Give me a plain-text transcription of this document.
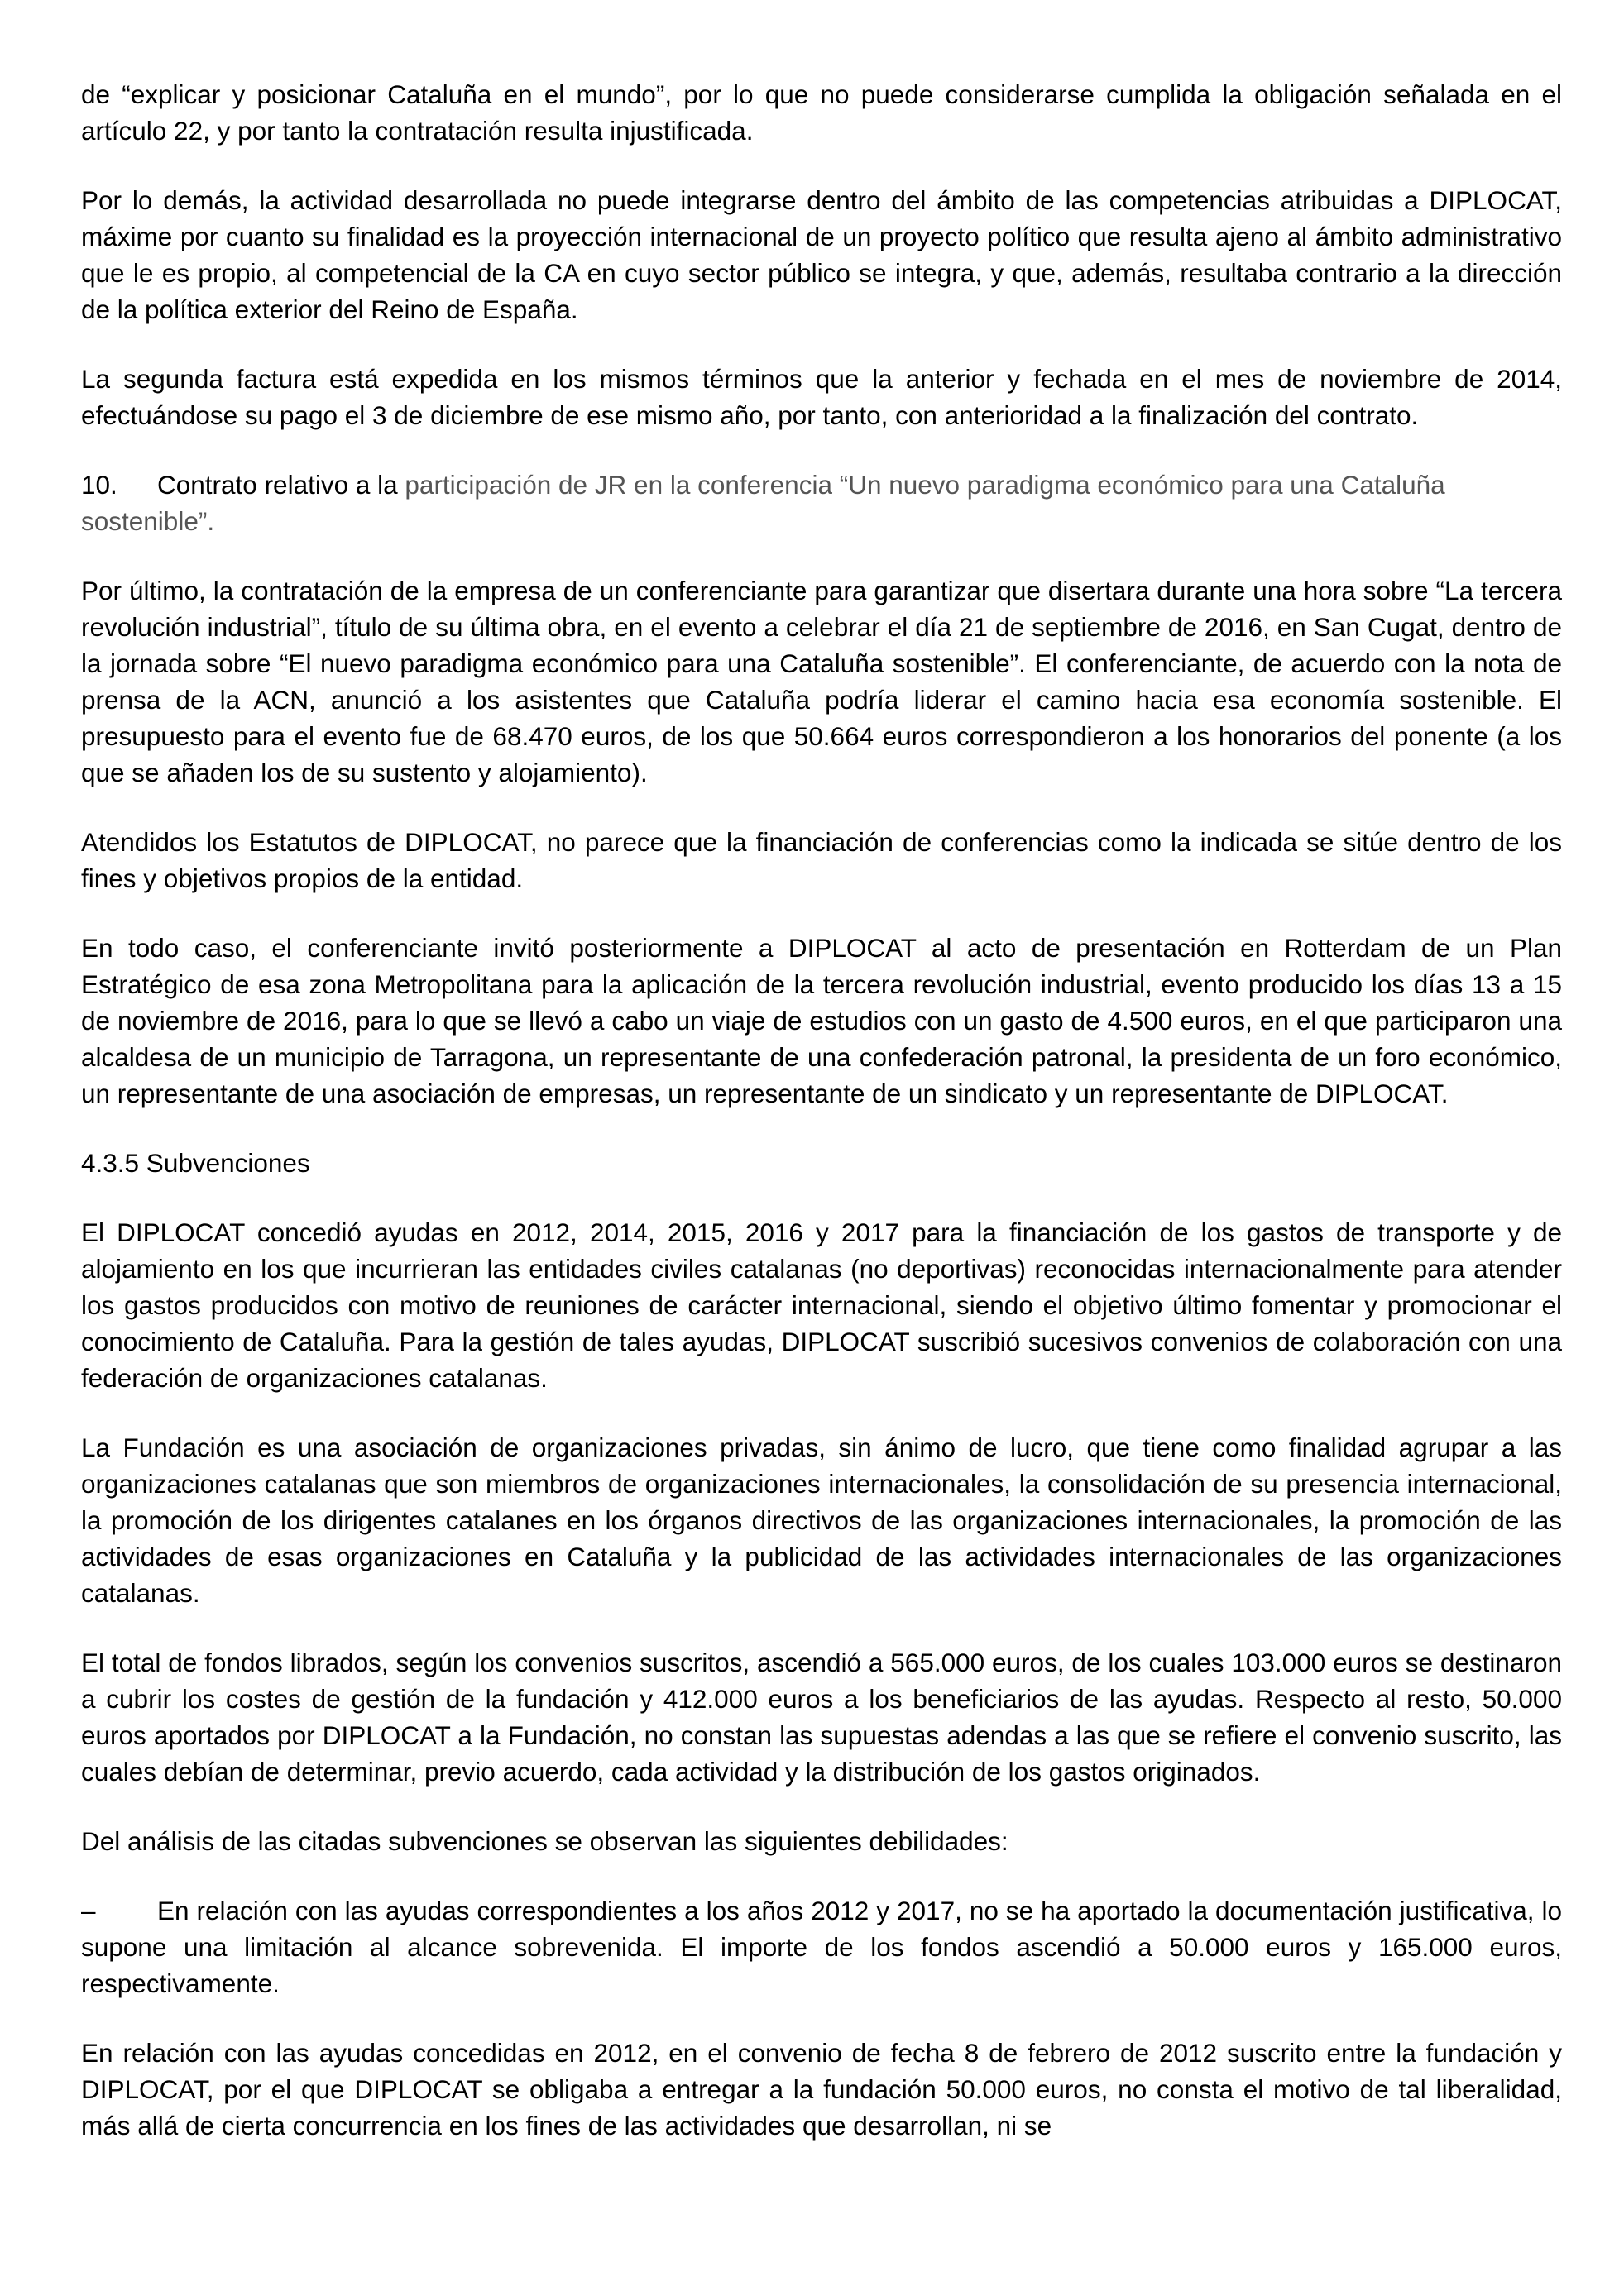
de “explicar y posicionar Cataluña en el mundo”, por lo que no puede considerarse cumplida la obligación señalada en el artículo 22, y por tanto la contratación resulta injustificada.

Por lo demás, la actividad desarrollada no puede integrarse dentro del ámbito de las competencias atribuidas a DIPLOCAT, máxime por cuanto su finalidad es la proyección internacional de un proyecto político que resulta ajeno al ámbito administrativo que le es propio, al competencial de la CA en cuyo sector público se integra, y que, además, resultaba contrario a la dirección de la política exterior del Reino de España.

La segunda factura está expedida en los mismos términos que la anterior y fechada en el mes de noviembre de 2014, efectuándose su pago el 3 de diciembre de ese mismo año, por tanto, con anterioridad a la finalización del contrato.

10. Contrato relativo a la participación de JR en la conferencia “Un nuevo paradigma económico para una Cataluña sostenible”.

Por último, la contratación de la empresa de un conferenciante para garantizar que disertara durante una hora sobre “La tercera revolución industrial”, título de su última obra, en el evento a celebrar el día 21 de septiembre de 2016, en San Cugat, dentro de la jornada sobre “El nuevo paradigma económico para una Cataluña sostenible”. El conferenciante, de acuerdo con la nota de prensa de la ACN, anunció a los asistentes que Cataluña podría liderar el camino hacia esa economía sostenible. El presupuesto para el evento fue de 68.470 euros, de los que 50.664 euros correspondieron a los honorarios del ponente (a los que se añaden los de su sustento y alojamiento).

Atendidos los Estatutos de DIPLOCAT, no parece que la financiación de conferencias como la indicada se sitúe dentro de los fines y objetivos propios de la entidad.

En todo caso, el conferenciante invitó posteriormente a DIPLOCAT al acto de presentación en Rotterdam de un Plan Estratégico de esa zona Metropolitana para la aplicación de la tercera revolución industrial, evento producido los días 13 a 15 de noviembre de 2016, para lo que se llevó a cabo un viaje de estudios con un gasto de 4.500 euros, en el que participaron una alcaldesa de un municipio de Tarragona, un representante de una confederación patronal, la presidenta de un foro económico, un representante de una asociación de empresas, un representante de un sindicato y un representante de DIPLOCAT.

4.3.5 Subvenciones

El DIPLOCAT concedió ayudas en 2012, 2014, 2015, 2016 y 2017 para la financiación de los gastos de transporte y de alojamiento en los que incurrieran las entidades civiles catalanas (no deportivas) reconocidas internacionalmente para atender los gastos producidos con motivo de reuniones de carácter internacional, siendo el objetivo último fomentar y promocionar el conocimiento de Cataluña. Para la gestión de tales ayudas, DIPLOCAT suscribió sucesivos convenios de colaboración con una federación de organizaciones catalanas.

La Fundación es una asociación de organizaciones privadas, sin ánimo de lucro, que tiene como finalidad agrupar a las organizaciones catalanas que son miembros de organizaciones internacionales, la consolidación de su presencia internacional, la promoción de los dirigentes catalanes en los órganos directivos de las organizaciones internacionales, la promoción de las actividades de esas organizaciones en Cataluña y la publicidad de las actividades internacionales de las organizaciones catalanas.

El total de fondos librados, según los convenios suscritos, ascendió a 565.000 euros, de los cuales 103.000 euros se destinaron a cubrir los costes de gestión de la fundación y 412.000 euros a los beneficiarios de las ayudas. Respecto al resto, 50.000 euros aportados por DIPLOCAT a la Fundación, no constan las supuestas adendas a las que se refiere el convenio suscrito, las cuales debían de determinar, previo acuerdo, cada actividad y la distribución de los gastos originados.

Del análisis de las citadas subvenciones se observan las siguientes debilidades:

– En relación con las ayudas correspondientes a los años 2012 y 2017, no se ha aportado la documentación justificativa, lo supone una limitación al alcance sobrevenida. El importe de los fondos ascendió a 50.000 euros y 165.000 euros, respectivamente.

En relación con las ayudas concedidas en 2012, en el convenio de fecha 8 de febrero de 2012 suscrito entre la fundación y DIPLOCAT, por el que DIPLOCAT se obligaba a entregar a la fundación 50.000 euros, no consta el motivo de tal liberalidad, más allá de cierta concurrencia en los fines de las actividades que desarrollan, ni se
